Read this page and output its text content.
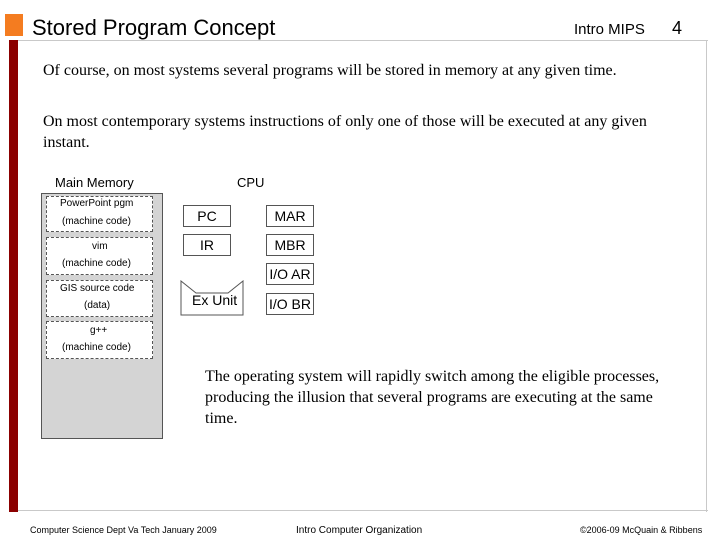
Stored Program Concept	Intro MIPS 4
Of course, on most systems several programs will be stored in memory at any given time.
On most contemporary systems instructions of only one of those will be executed at any given instant.
Main Memory	CPU
PowerPoint pgm
(machine code)
vim
(machine code)
GIS source code
(data)
g++
(machine code)
PC	MAR
IR	MBR
I/O AR
I/O BR
Ex Unit
The operating system will rapidly switch among the eligible processes, producing the illusion that several programs are executing at the same time.
Computer Science Dept Va Tech January 2009	Intro Computer Organization	©2006-09 McQuain & Ribbens
